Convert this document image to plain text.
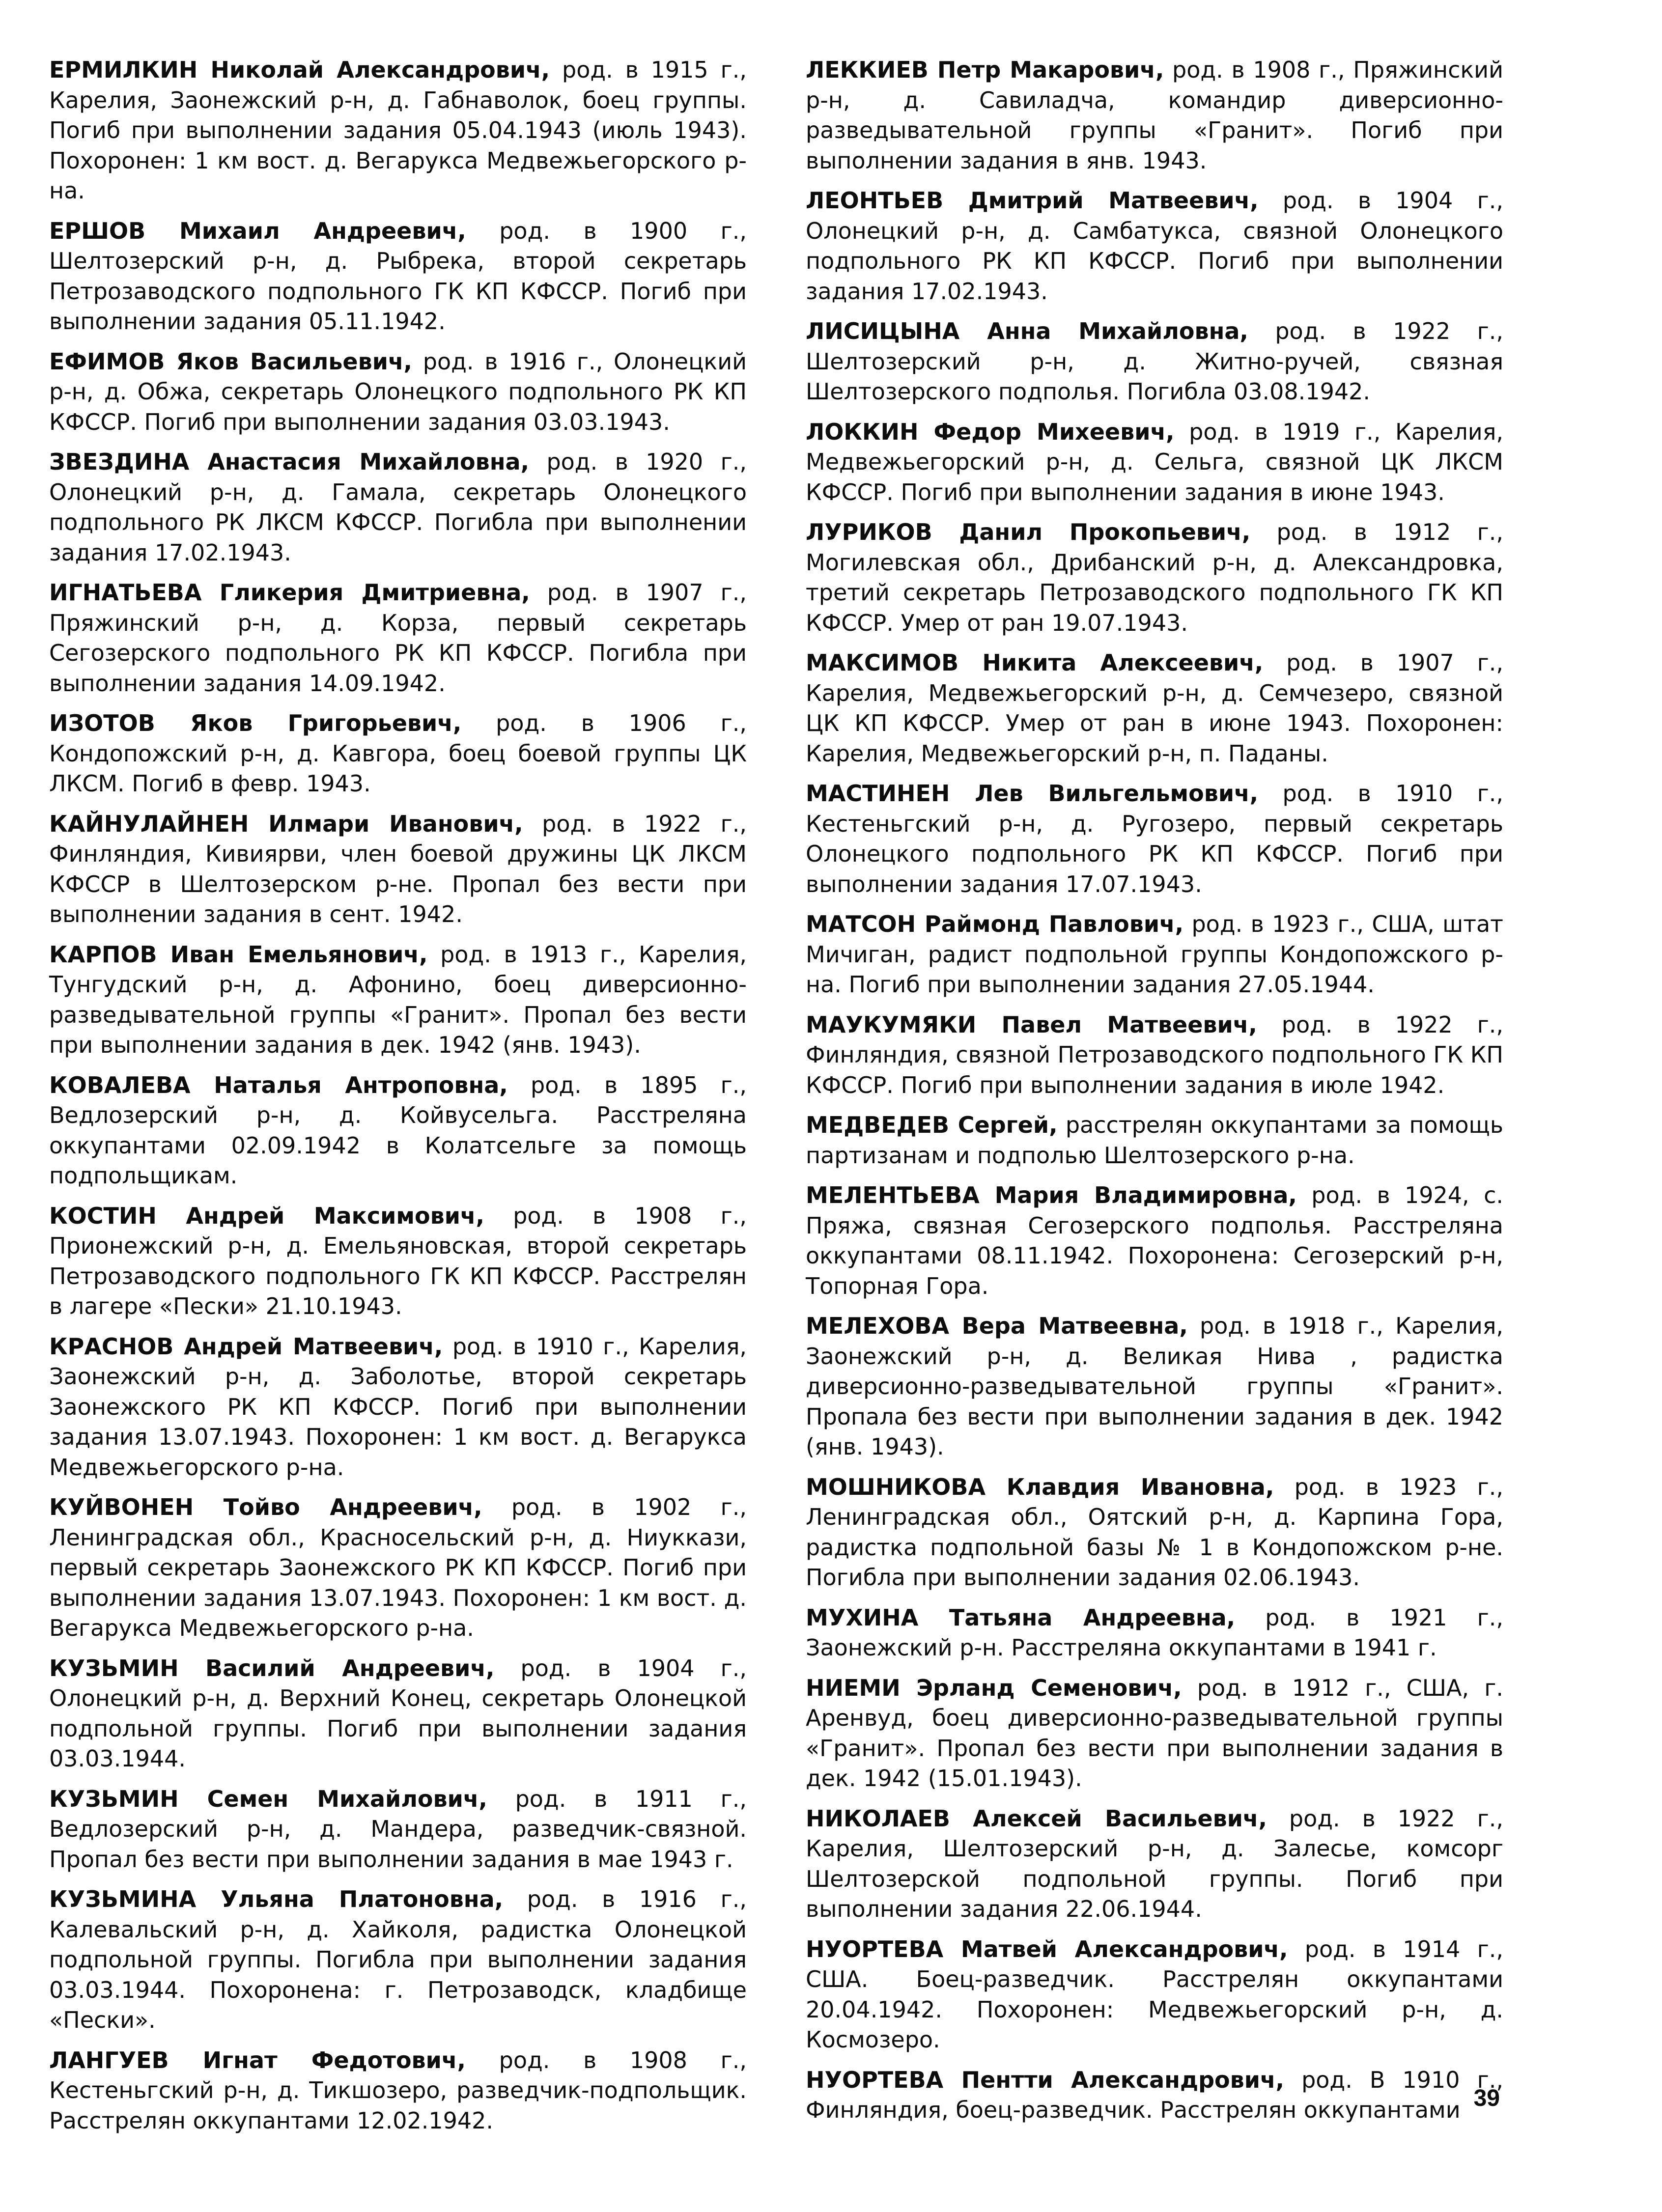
ЕРМИЛКИН Николай Александрович, род. в 1915 г., Карелия, Заонежский р-н, д. Габнаволок, боец группы. Погиб при выполнении задания 05.04.1943 (июль 1943). Похоронен: 1 км вост. д. Вегарукса Медвежьегорского р-на.

ЕРШОВ Михаил Андреевич, род. в 1900 г., Шелтозерский р-н, д. Рыбрека, второй секретарь Петрозаводского подпольного ГК КП КФССР. Погиб при выполнении задания 05.11.1942.

ЕФИМОВ Яков Васильевич, род. в 1916 г., Олонецкий р-н, д. Обжа, секретарь Олонецкого подпольного РК КП КФССР. Погиб при выполнении задания 03.03.1943.

ЗВЕЗДИНА Анастасия Михайловна, род. в 1920 г., Олонецкий р-н, д. Гамала, секретарь Олонецкого подпольного РК ЛКСМ КФССР. Погибла при выполнении задания 17.02.1943.

ИГНАТЬЕВА Гликерия Дмитриевна, род. в 1907 г., Пряжинский р-н, д. Корза, первый секретарь Сегозерского подпольного РК КП КФССР. Погибла при выполнении задания 14.09.1942.

ИЗОТОВ Яков Григорьевич, род. в 1906 г., Кондопожский р-н, д. Кавгора, боец боевой группы ЦК ЛКСМ. Погиб в февр. 1943.

КАЙНУЛАЙНЕН Илмари Иванович, род. в 1922 г., Финляндия, Кивиярви, член боевой дружины ЦК ЛКСМ КФССР в Шелтозерском р-не. Пропал без вести при выполнении задания в сент. 1942.

КАРПОВ Иван Емельянович, род. в 1913 г., Карелия, Тунгудский р-н, д. Афонино, боец диверсионно-разведывательной группы «Гранит». Пропал без вести при выполнении задания в дек. 1942 (янв. 1943).

КОВАЛЕВА Наталья Антроповна, род. в 1895 г., Ведлозерский р-н, д. Койвусельга. Расстреляна оккупантами 02.09.1942 в Колатсельге за помощь подпольщикам.

КОСТИН Андрей Максимович, род. в 1908 г., Прионежский р-н, д. Емельяновская, второй секретарь Петрозаводского подпольного ГК КП КФССР. Расстрелян в лагере «Пески» 21.10.1943.

КРАСНОВ Андрей Матвеевич, род. в 1910 г., Карелия, Заонежский р-н, д. Заболотье, второй секретарь Заонежского РК КП КФССР. Погиб при выполнении задания 13.07.1943. Похоронен: 1 км вост. д. Вегарукса Медвежьегорского р-на.

КУЙВОНЕН Тойво Андреевич, род. в 1902 г., Ленинградская обл., Красносельский р-н, д. Ниуккази, первый секретарь Заонежского РК КП КФССР. Погиб при выполнении задания 13.07.1943. Похоронен: 1 км вост. д. Вегарукса Медвежьегорского р-на.

КУЗЬМИН Василий Андреевич, род. в 1904 г., Олонецкий р-н, д. Верхний Конец, секретарь Олонецкой подпольной группы. Погиб при выполнении задания 03.03.1944.

КУЗЬМИН Семен Михайлович, род. в 1911 г., Ведлозерский р-н, д. Мандера, разведчик-связной. Пропал без вести при выполнении задания в мае 1943 г.

КУЗЬМИНА Ульяна Платоновна, род. в 1916 г., Калевальский р-н, д. Хайколя, радистка Олонецкой подпольной группы. Погибла при выполнении задания 03.03.1944. Похоронена: г. Петрозаводск, кладбище «Пески».

ЛАНГУЕВ Игнат Федотович, род. в 1908 г., Кестеньгский р-н, д. Тикшозеро, разведчик-подпольщик. Расстрелян оккупантами 12.02.1942.

ЛЕККИЕВ Петр Макарович, род. в 1908 г., Пряжинский р-н, д. Савиладча, командир диверсионно-разведывательной группы «Гранит». Погиб при выполнении задания в янв. 1943.

ЛЕОНТЬЕВ Дмитрий Матвеевич, род. в 1904 г., Олонецкий р-н, д. Самбатукса, связной Олонецкого подпольного РК КП КФССР. Погиб при выполнении задания 17.02.1943.

ЛИСИЦЫНА Анна Михайловна, род. в 1922 г., Шелтозерский р-н, д. Житно-ручей, связная Шелтозерского подполья. Погибла 03.08.1942.

ЛОККИН Федор Михеевич, род. в 1919 г., Карелия, Медвежьегорский р-н, д. Сельга, связной ЦК ЛКСМ КФССР. Погиб при выполнении задания в июне 1943.

ЛУРИКОВ Данил Прокопьевич, род. в 1912 г., Могилевская обл., Дрибанский р-н, д. Александровка, третий секретарь Петрозаводского подпольного ГК КП КФССР. Умер от ран 19.07.1943.

МАКСИМОВ Никита Алексеевич, род. в 1907 г., Карелия, Медвежьегорский р-н, д. Семчезеро, связной ЦК КП КФССР. Умер от ран в июне 1943. Похоронен: Карелия, Медвежьегорский р-н, п. Паданы.

МАСТИНЕН Лев Вильгельмович, род. в 1910 г., Кестеньгский р-н, д. Ругозеро, первый секретарь Олонецкого подпольного РК КП КФССР. Погиб при выполнении задания 17.07.1943.

МАТСОН Раймонд Павлович, род. в 1923 г., США, штат Мичиган, радист подпольной группы Кондопожского р-на. Погиб при выполнении задания 27.05.1944.

МАУКУМЯКИ Павел Матвеевич, род. в 1922 г., Финляндия, связной Петрозаводского подпольного ГК КП КФССР. Погиб при выполнении задания в июле 1942.

МЕДВЕДЕВ Сергей, расстрелян оккупантами за помощь партизанам и подполью Шелтозерского р-на.

МЕЛЕНТЬЕВА Мария Владимировна, род. в 1924, с. Пряжа, связная Сегозерского подполья. Расстреляна оккупантами 08.11.1942. Похоронена: Сегозерский р-н, Топорная Гора.

МЕЛЕХОВА Вера Матвеевна, род. в 1918 г., Карелия, Заонежский р-н, д. Великая Нива , радистка диверсионно-разведывательной группы «Гранит». Пропала без вести при выполнении задания в дек. 1942 (янв. 1943).

МОШНИКОВА Клавдия Ивановна, род. в 1923 г., Ленинградская обл., Оятский р-н, д. Карпина Гора, радистка подпольной базы № 1 в Кондопожском р-не. Погибла при выполнении задания 02.06.1943.

МУХИНА Татьяна Андреевна, род. в 1921 г., Заонежский р-н. Расстреляна оккупантами в 1941 г.

НИЕМИ Эрланд Семенович, род. в 1912 г., США, г. Аренвуд, боец диверсионно-разведывательной группы «Гранит». Пропал без вести при выполнении задания в дек. 1942 (15.01.1943).

НИКОЛАЕВ Алексей Васильевич, род. в 1922 г., Карелия, Шелтозерский р-н, д. Залесье, комсорг Шелтозерской подпольной группы. Погиб при выполнении задания 22.06.1944.

НУОРТЕВА Матвей Александрович, род. в 1914 г., США. Боец-разведчик. Расстрелян оккупантами 20.04.1942. Похоронен: Медвежьегорский р-н, д. Космозеро.

НУОРТЕВА Пентти Александрович, род. В 1910 г., Финляндия, боец-разведчик. Расстрелян оккупантами 39
